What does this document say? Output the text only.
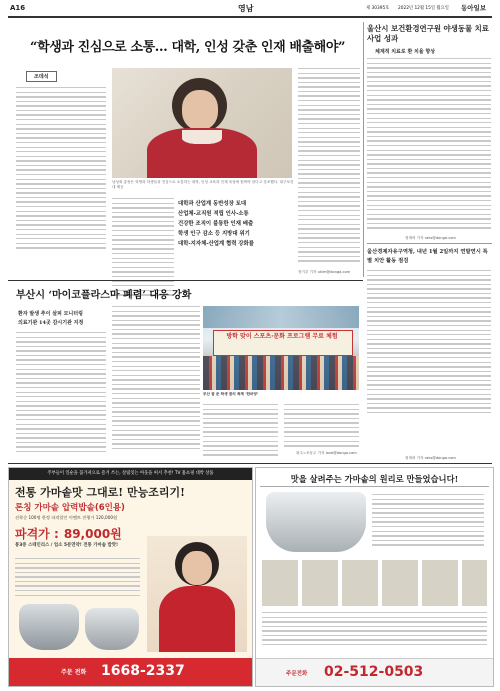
A16	영남	제 30395호 2022년 12월 15일 월요일 동아일보
“학생과 진심으로 소통… 대학, 인성 갖춘 인재 배출해야”
조데석
남성희 총장은 학생과 학생들과 진심으로 소통하는 대학, 인성 교육과 인재 육성에 힘써야 한다고 강조했다. 대구보건대 제공
대학과 산업계 동반성장 토대
산업체-교직원 적립 인사-소통
건강한 조직이 불통한 인재 배출
학생 인구 감소 등 지방대 위기
대학-지자체-산업계 협력 강화를
장기우 기자 ukim@donga.com
울산시 보건환경연구원 야생동물 치료사업 성과
체계적 치료로 환 치율 향상
정재락 기자 raks@donga.com
울산경제자유구역청, 내년 1월 2일까지 연말연시 특별 치안 활동 점검
정재락 기자 raks@donga.com
부산시 ‘마이코플라스마 폐렴’ 대응 강화
환자 발생 추이 살피 모니터링
의료기관 14곳 감시기관 지정
방학 맞이 스포츠·문화 프로그램 무료 체험
부산 꿈 준 학생 꿈의 축제 ‘한마당’
광주=조동주 기자 love@donga.com
주부들이 일순을 꼽가져으로 즐겨 쓰는, 살림잇는 아웃을 써서 추천! TV 홈쇼핑 대박 상품
전통 가마솥맛 그대로! 만능조리기!
론칭 가마솥 압력밥솥(6인용)
선착순 100명 한정 파격할인 이벤트 진행가 120,000원
파격가 : 89,000원
통3중 스테인리스 / 업소 5분연약! 전통 가마솥 밥맛!
주문 전화 1668-2337
맛을 살려주는 가마솥의 원리로 만들었습니다!
주문전화 02-512-0503
